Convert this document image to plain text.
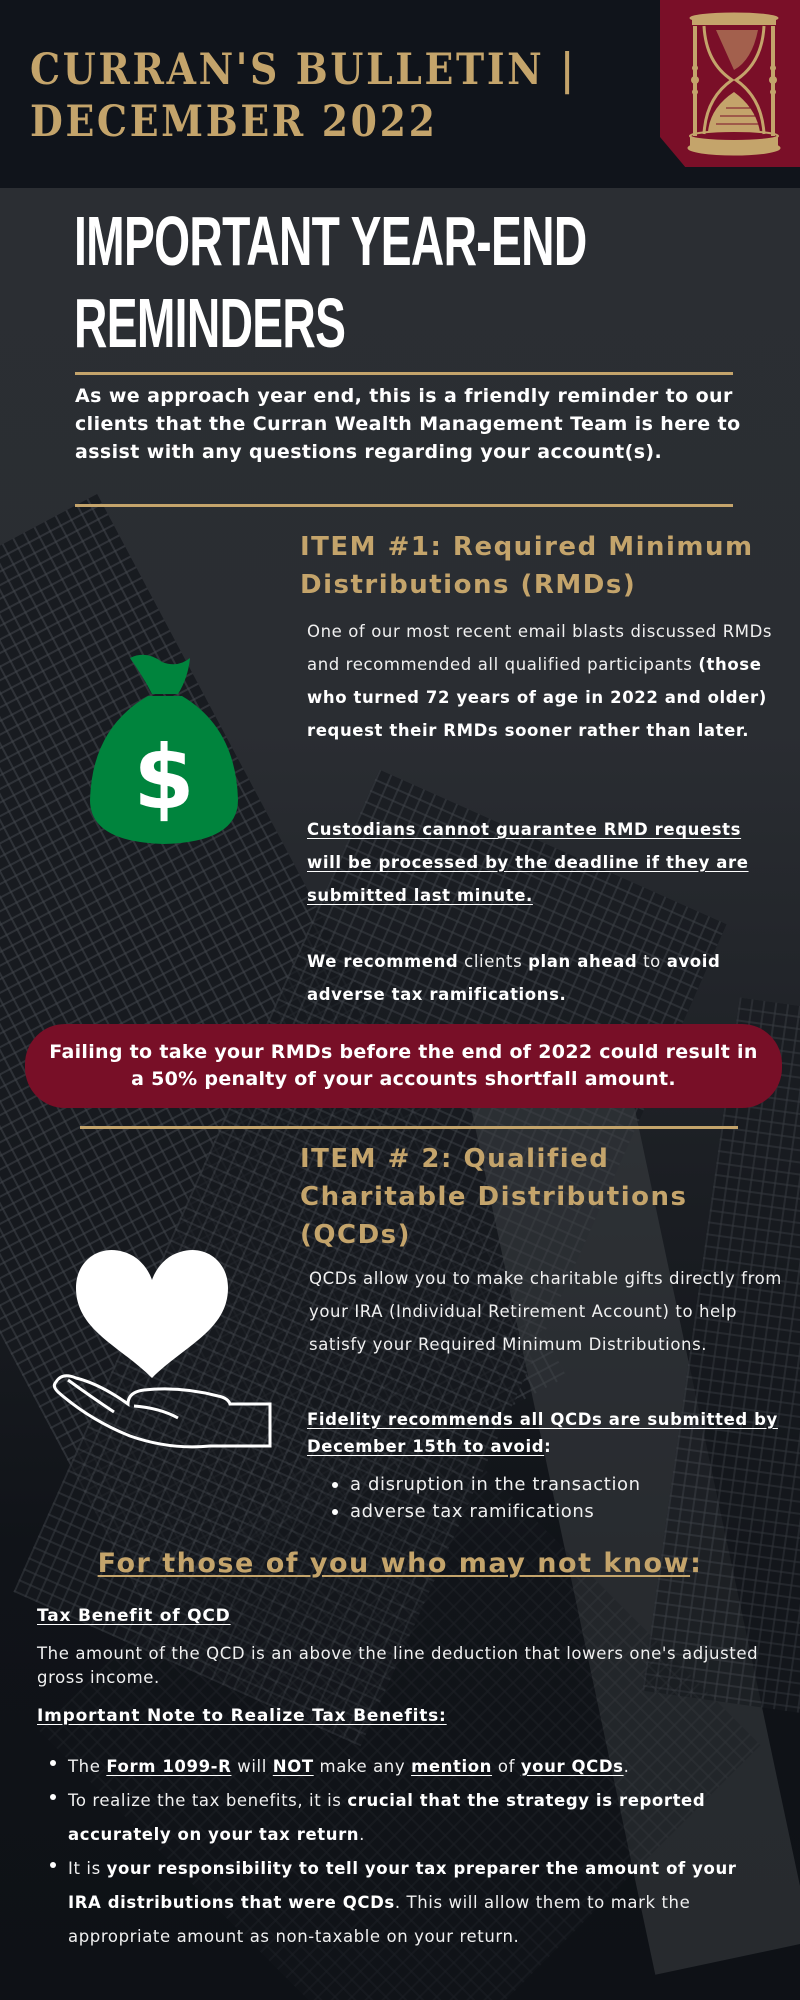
CURRAN'S BULLETIN |
DECEMBER 2022
IMPORTANT YEAR-END
REMINDERS
As we approach year end, this is a friendly reminder to our clients that the Curran Wealth Management Team is here to assist with any questions regarding your account(s).
ITEM #1: Required Minimum
Distributions (RMDs)
$
One of our most recent email blasts discussed RMDs and recommended all qualified participants (those who turned 72 years of age in 2022 and older) request their RMDs sooner rather than later.
Custodians cannot guarantee RMD requests will be processed by the deadline if they are submitted last minute.
We recommend clients plan ahead to avoid adverse tax ramifications.
Failing to take your RMDs before the end of 2022 could result in a 50% penalty of your accounts shortfall amount.
ITEM # 2: Qualified
Charitable Distributions
(QCDs)
QCDs allow you to make charitable gifts directly from your IRA (Individual Retirement Account) to help satisfy your Required Minimum Distributions.
Fidelity recommends all QCDs are submitted by December 15th to avoid:
a disruption in the transaction
adverse tax ramifications
For those of you who may not know:
Tax Benefit of QCD
The amount of the QCD is an above the line deduction that lowers one's adjusted gross income.
Important Note to Realize Tax Benefits:
The Form 1099-R will NOT make any mention of your QCDs.
To realize the tax benefits, it is crucial that the strategy is reported accurately on your tax return.
It is your responsibility to tell your tax preparer the amount of your IRA distributions that were QCDs. This will allow them to mark the appropriate amount as non-taxable on your return.
